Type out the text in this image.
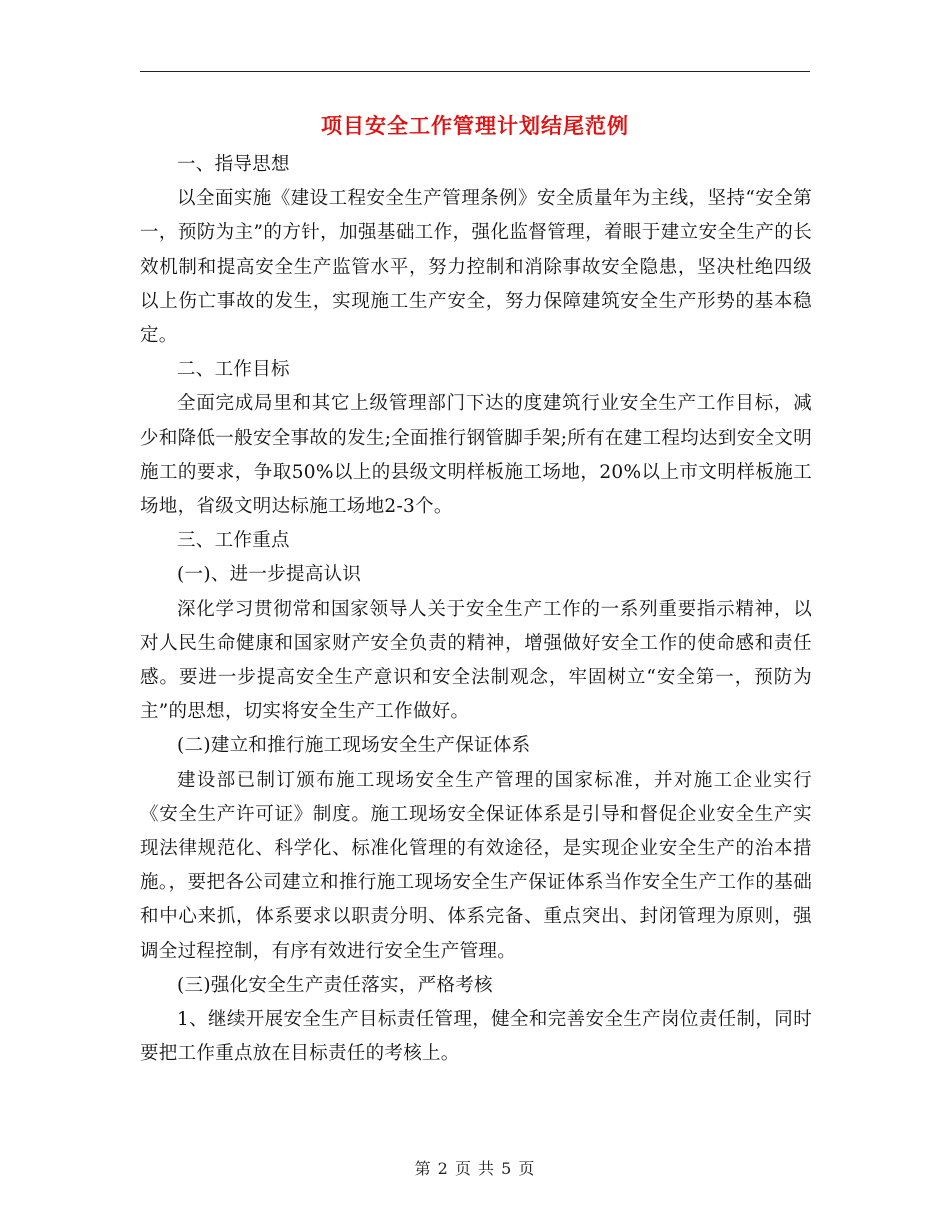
项目安全工作管理计划结尾范例

一、指导思想

以全面实施《建设工程安全生产管理条例》安全质量年为主线，坚持“安全第一，预防为主”的方针，加强基础工作，强化监督管理，着眼于建立安全生产的长效机制和提高安全生产监管水平，努力控制和消除事故安全隐患，坚决杜绝四级以上伤亡事故的发生，实现施工生产安全，努力保障建筑安全生产形势的基本稳定。

二、工作目标

全面完成局里和其它上级管理部门下达的度建筑行业安全生产工作目标，减少和降低一般安全事故的发生;全面推行钢管脚手架;所有在建工程均达到安全文明施工的要求，争取50%以上的县级文明样板施工场地，20%以上市文明样板施工场地，省级文明达标施工场地2-3个。

三、工作重点

(一)、进一步提高认识

深化学习贯彻常和国家领导人关于安全生产工作的一系列重要指示精神，以对人民生命健康和国家财产安全负责的精神，增强做好安全工作的使命感和责任感。要进一步提高安全生产意识和安全法制观念，牢固树立“安全第一，预防为主”的思想，切实将安全生产工作做好。

(二)建立和推行施工现场安全生产保证体系

建设部已制订颁布施工现场安全生产管理的国家标准，并对施工企业实行《安全生产许可证》制度。施工现场安全保证体系是引导和督促企业安全生产实现法律规范化、科学化、标准化管理的有效途径，是实现企业安全生产的治本措施。，要把各公司建立和推行施工现场安全生产保证体系当作安全生产工作的基础和中心来抓，体系要求以职责分明、体系完备、重点突出、封闭管理为原则，强调全过程控制，有序有效进行安全生产管理。

(三)强化安全生产责任落实，严格考核

1、继续开展安全生产目标责任管理，健全和完善安全生产岗位责任制，同时要把工作重点放在目标责任的考核上。

第 2 页 共 5 页
